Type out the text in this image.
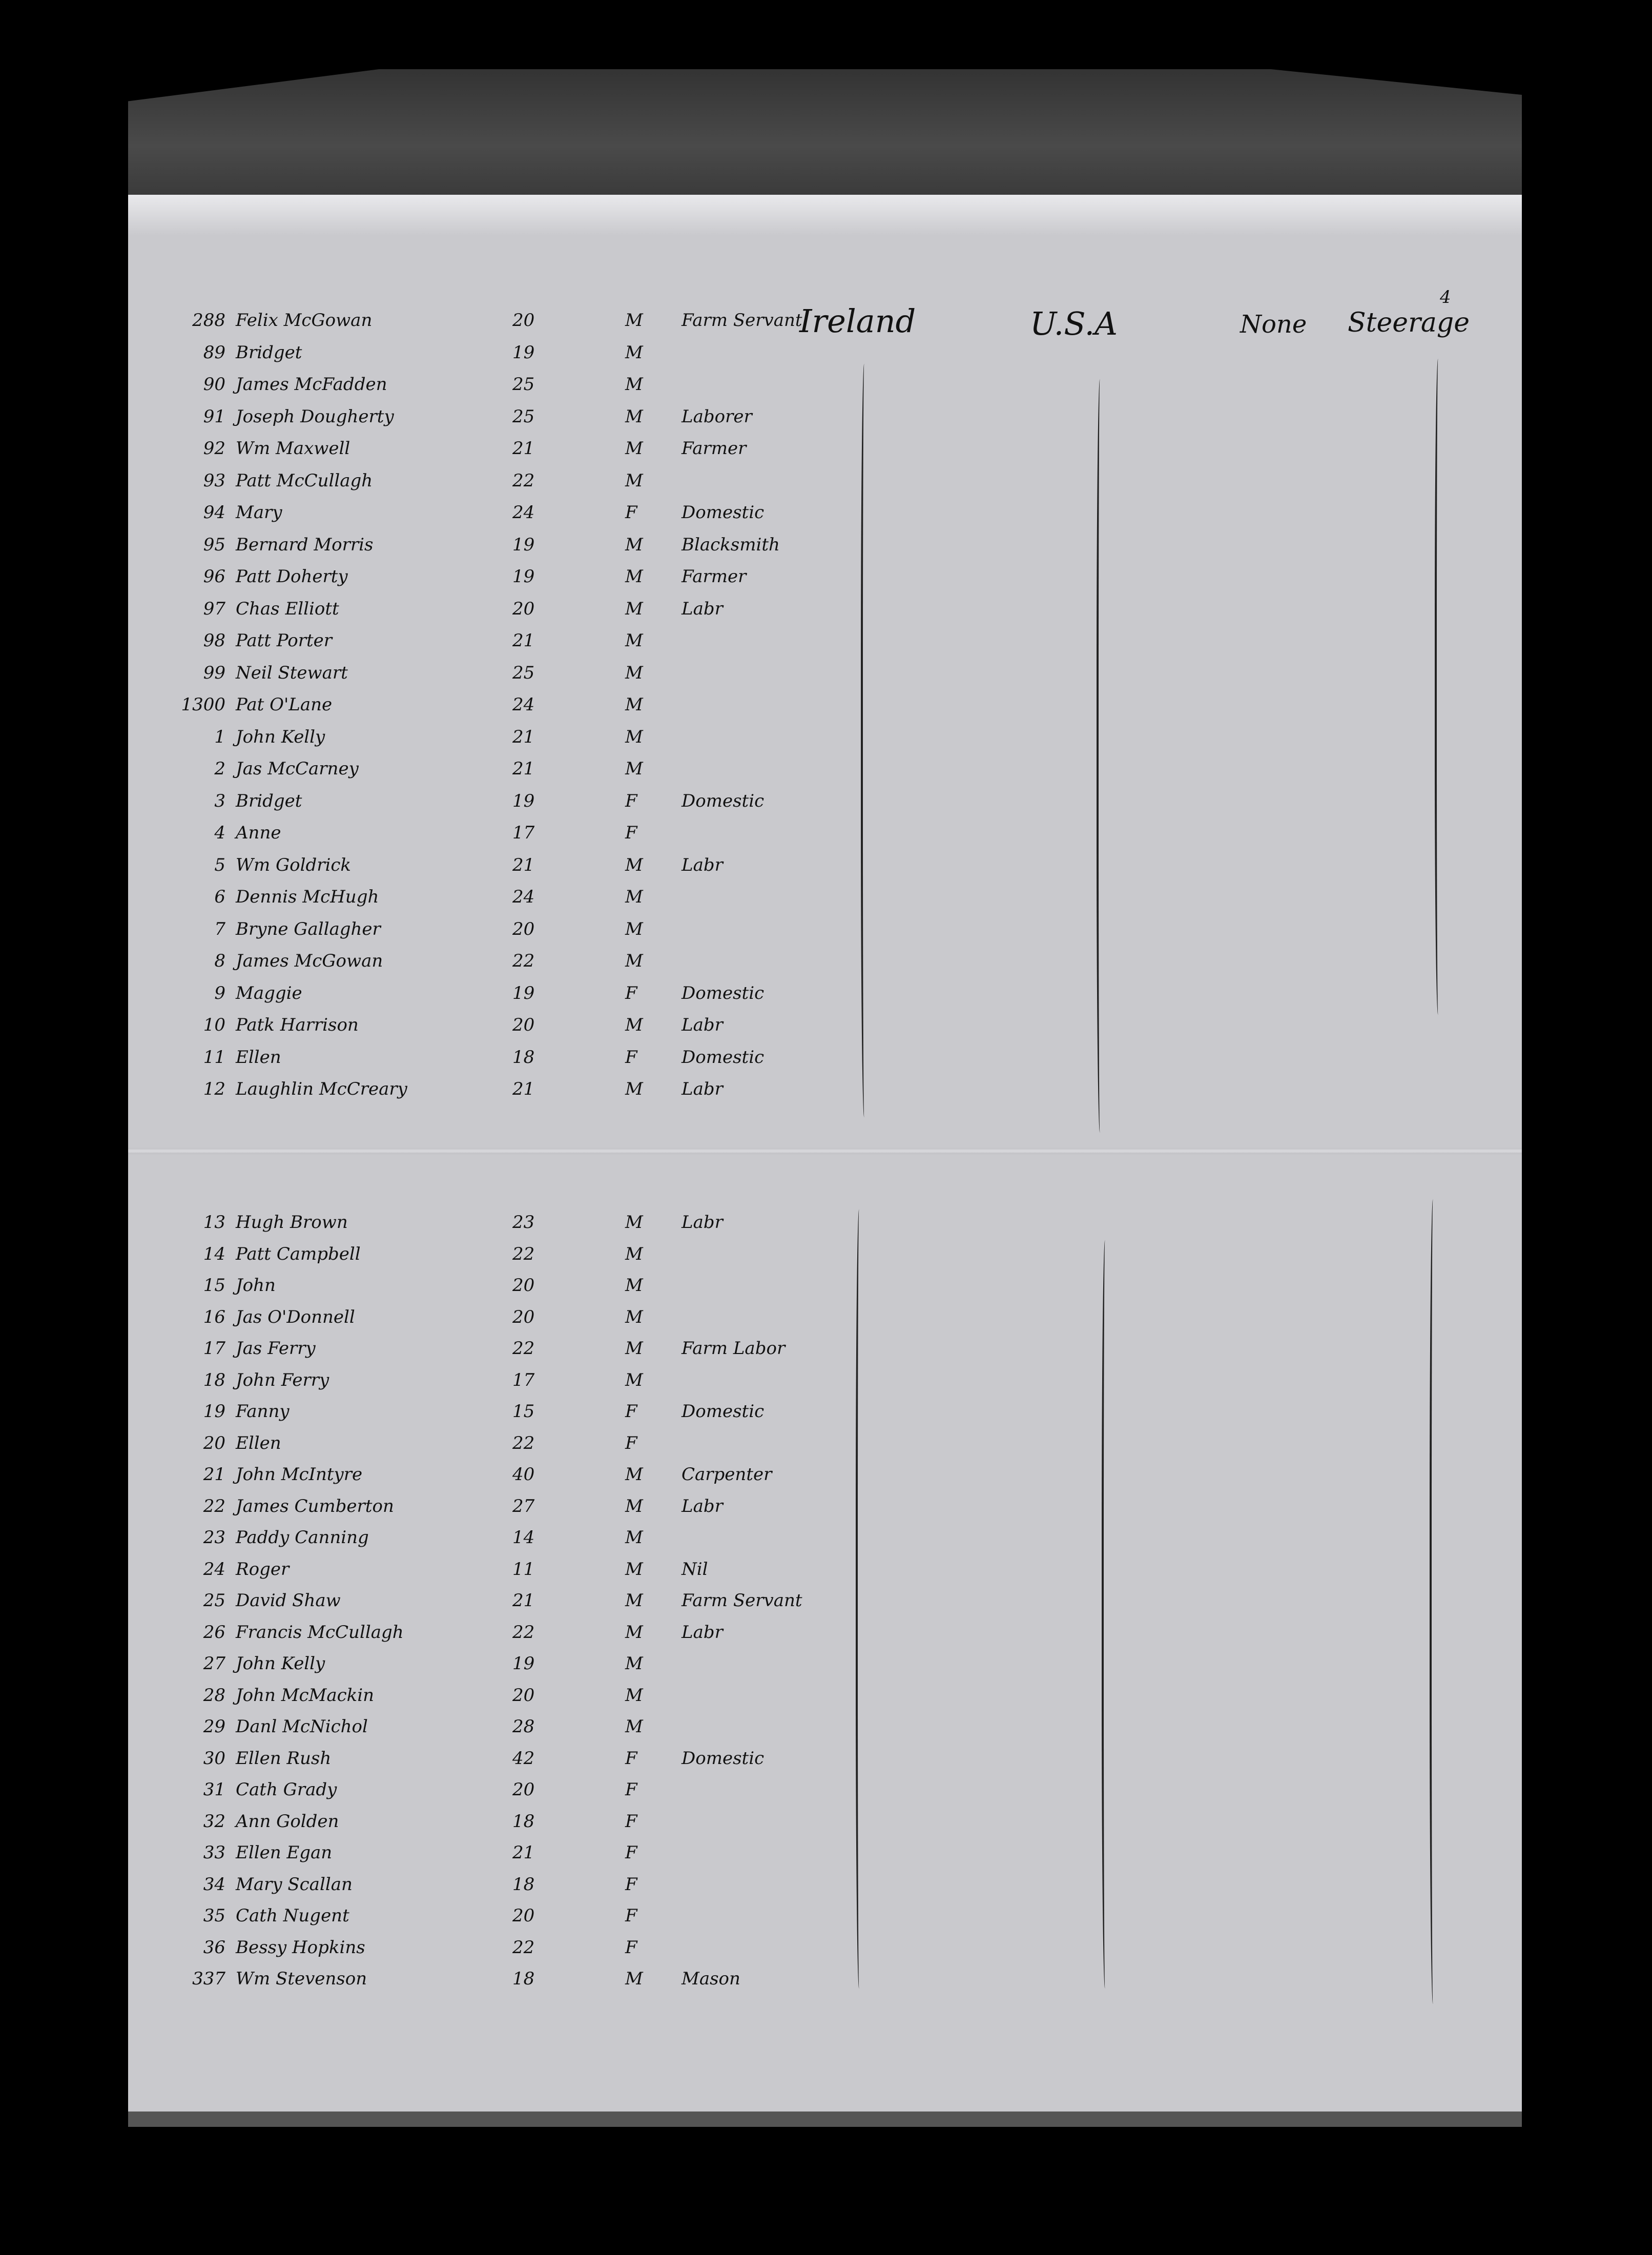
4
Ireland	U.S.A	None Steerage
288 Felix McGowan	20	M Farm Servant
89 Bridget	19	M
90 James McFadden	25	M
91 Joseph Dougherty	25	M Laborer
92 Wm Maxwell	21	M Farmer
93 Patt McCullagh	22	M
94 Mary	24	F	Domestic
95 Bernard Morris	19	M Blacksmith
96 Patt Doherty	19	M Farmer
97 Chas Elliott	20	M Labr
98 Patt Porter	21	M
99 Neil Stewart	25	M
1300 Pat O'Lane	24	M
1 John Kelly	21	M
2 Jas McCarney	21	M
3 Bridget	19	F	Domestic
4 Anne	17	F
5 Wm Goldrick	21	M Labr
6 Dennis McHugh	24	M
7 Bryne Gallagher	20	M
8 James McGowan	22	M
9 Maggie	19	F	Domestic
10 Patk Harrison	20	M Labr
11 Ellen	18	F	Domestic
12 Laughlin McCreary	21	M Labr
13 Hugh Brown	23	M Labr
14 Patt Campbell	22	M
15 John	20	M
16 Jas O'Donnell	20	M
17 Jas Ferry	22	M Farm Labor
18 John Ferry	17	M
19 Fanny	15	F	Domestic
20 Ellen	22	F
21 John McIntyre	40	M Carpenter
22 James Cumberton	27	M Labr
23 Paddy Canning	14	M
24 Roger	11	M Nil
25 David Shaw	21	M Farm Servant
26 Francis McCullagh	22	M Labr
27 John Kelly	19	M
28 John McMackin	20	M
29 Danl McNichol	28	M
30 Ellen Rush	42	F	Domestic
31 Cath Grady	20	F
32 Ann Golden	18	F
33 Ellen Egan	21	F
34 Mary Scallan	18	F
35 Cath Nugent	20	F
36 Bessy Hopkins	22	F
337 Wm Stevenson	18	M Mason
